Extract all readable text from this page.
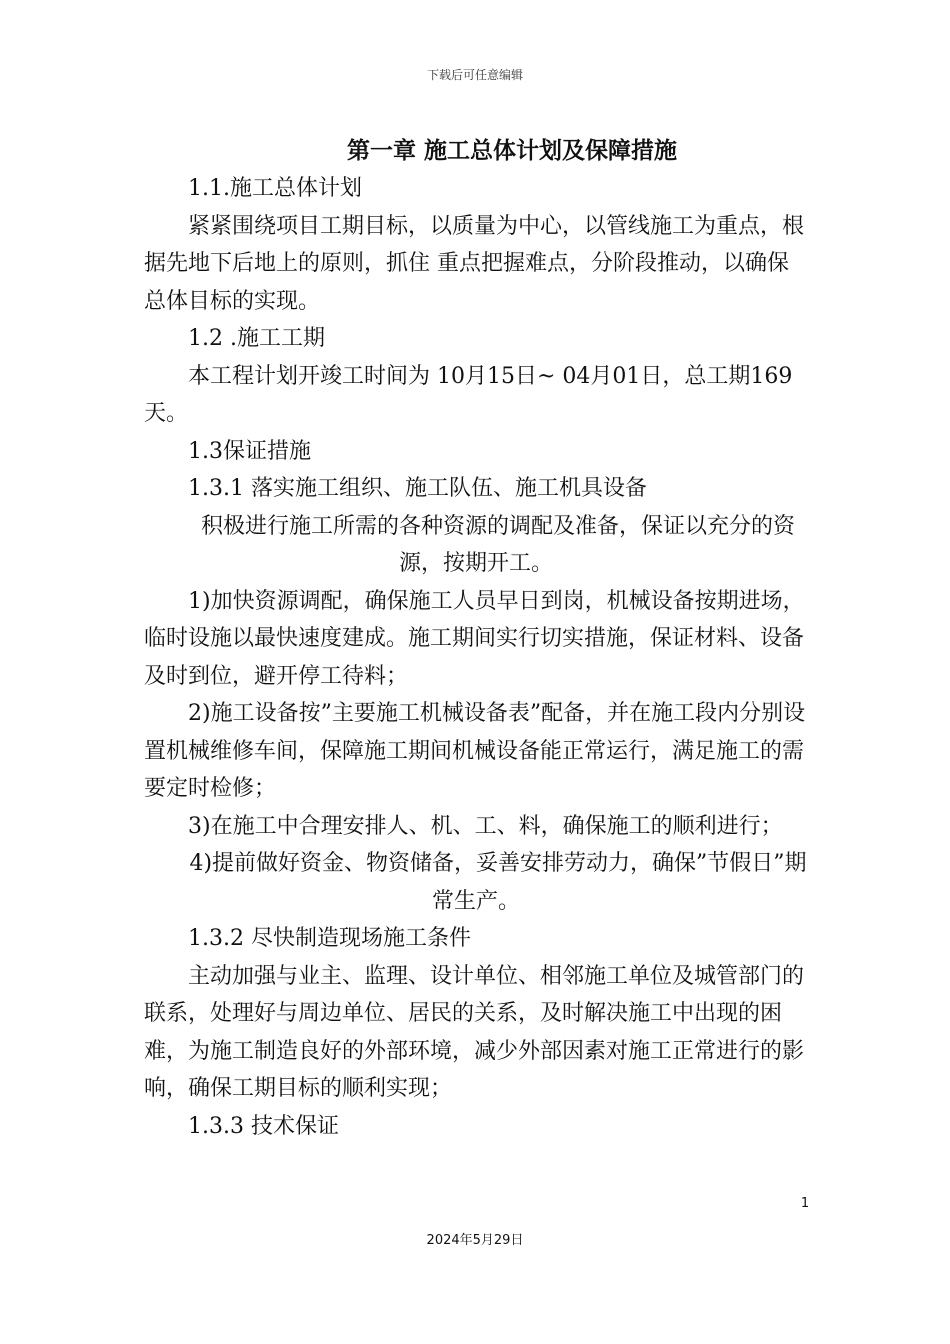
下载后可任意编辑
第一章 施工总体计划及保障措施

1.1.施工总体计划

紧紧围绕项目工期目标，以质量为中心，以管线施工为重点，根据先地下后地上的原则，抓住 重点把握难点，分阶段推动，以确保总体目标的实现。

1.2 .施工工期

本工程计划开竣工时间为 10月15日~ 04月01日，总工期169天。

1.3保证措施

1.3.1 落实施工组织、施工队伍、施工机具设备

积极进行施工所需的各种资源的调配及准备，保证以充分的资源，按期开工。

1)加快资源调配，确保施工人员早日到岗，机械设备按期进场，临时设施以最快速度建成。施工期间实行切实措施，保证材料、设备及时到位，避开停工待料；

2)施工设备按”主要施工机械设备表”配备，并在施工段内分别设置机械维修车间，保障施工期间机械设备能正常运行，满足施工的需要定时检修；

3)在施工中合理安排人、机、工、料，确保施工的顺利进行；

4)提前做好资金、物资储备，妥善安排劳动力，确保”节假日”期常生产。

1.3.2 尽快制造现场施工条件

主动加强与业主、监理、设计单位、相邻施工单位及城管部门的联系，处理好与周边单位、居民的关系，及时解决施工中出现的困难，为施工制造良好的外部环境，减少外部因素对施工正常进行的影响，确保工期目标的顺利实现；

1.3.3 技术保证

1
2024年5月29日
